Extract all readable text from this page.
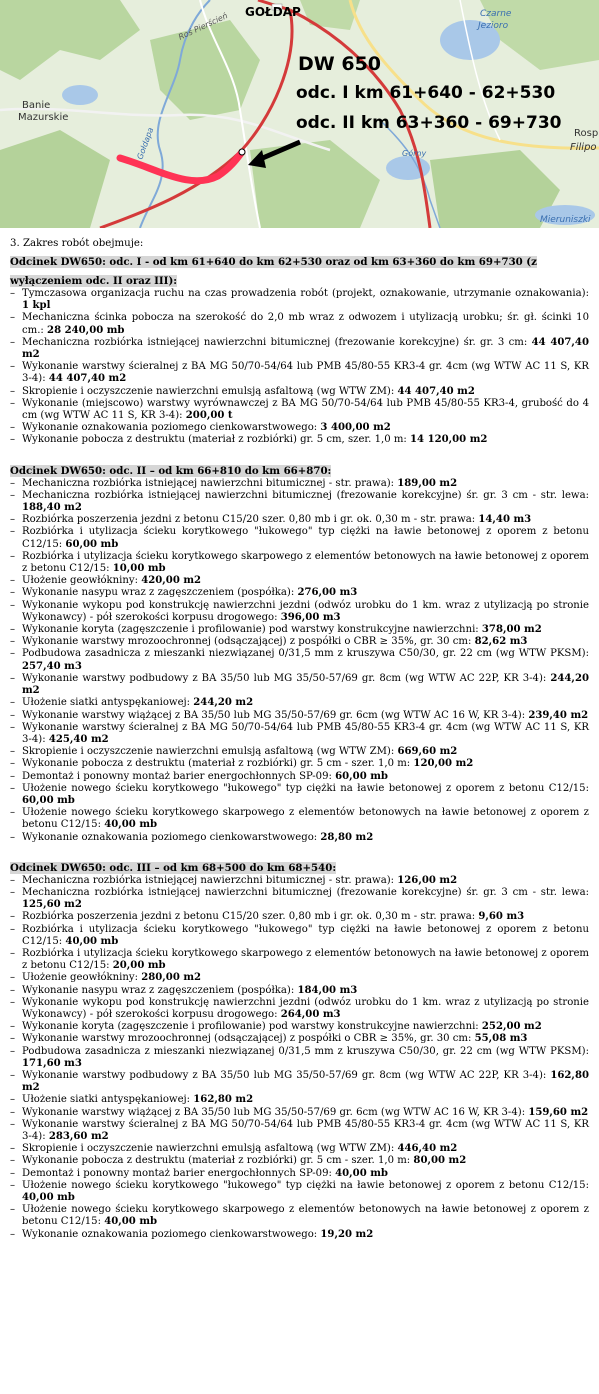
GOŁDAP	Czarne
Jezioro
Banie
Mazurskie
Roś Pierścień
Gołdapa	Górny
Rosp
Filipo
Mieruniszki
DW 650
odc. I km 61+640 - 62+530
odc. II km 63+360 - 69+730
3. Zakres robót obejmuje:
Odcinek DW650: odc. I - od km 61+640 do km 62+530 oraz od km 63+360 do km 69+730 (z wyłączeniem odc. II oraz III):
– Tymczasowa organizacja ruchu na czas prowadzenia robót (projekt, oznakowanie, utrzymanie oznakowania): 1 kpl
– Mechaniczna ścinka pobocza na szerokość do 2,0 mb wraz z odwozem i utylizacją urobku; śr. gł. ścinki 10 cm.: 28 240,00 mb
– Mechaniczna rozbiórka istniejącej nawierzchni bitumicznej (frezowanie korekcyjne) śr. gr. 3 cm: 44 407,40 m2
– Wykonanie warstwy ścieralnej z BA MG 50/70-54/64 lub PMB 45/80-55 KR3-4 gr. 4cm (wg WTW AC 11 S, KR 3-4): 44 407,40 m2
– Skropienie i oczyszczenie nawierzchni emulsją asfaltową (wg WTW ZM): 44 407,40 m2
– Wykonanie (miejscowo) warstwy wyrównawczej z BA MG 50/70-54/64 lub PMB 45/80-55 KR3-4, grubość do 4 cm (wg WTW AC 11 S, KR 3-4): 200,00 t
– Wykonanie oznakowania poziomego cienkowarstwowego: 3 400,00 m2
– Wykonanie pobocza z destruktu (materiał z rozbiórki) gr. 5 cm, szer. 1,0 m: 14 120,00 m2
Odcinek DW650: odc. II – od km 66+810 do km 66+870:
– Mechaniczna rozbiórka istniejącej nawierzchni bitumicznej - str. prawa): 189,00 m2
– Mechaniczna rozbiórka istniejącej nawierzchni bitumicznej (frezowanie korekcyjne) śr. gr. 3 cm - str. lewa: 188,40 m2
– Rozbiórka poszerzenia jezdni z betonu C15/20 szer. 0,80 mb i gr. ok. 0,30 m - str. prawa: 14,40 m3
– Rozbiórka i utylizacja ścieku korytkowego "łukowego" typ ciężki na ławie betonowej z oporem z betonu C12/15: 60,00 mb
– Rozbiórka i utylizacja ścieku korytkowego skarpowego z elementów betonowych na ławie betonowej z oporem z betonu C12/15: 10,00 mb
– Ułożenie geowłókniny: 420,00 m2
– Wykonanie nasypu wraz z zagęszczeniem (pospółka): 276,00 m3
– Wykonanie wykopu pod konstrukcję nawierzchni jezdni (odwóz urobku do 1 km. wraz z utylizacją po stronie Wykonawcy) - pół szerokości korpusu drogowego: 396,00 m3
– Wykonanie koryta (zagęszczenie i profilowanie) pod warstwy konstrukcyjne nawierzchni: 378,00 m2
– Wykonanie warstwy mrozoochronnej (odsączającej) z pospółki o CBR ≥ 35%, gr. 30 cm: 82,62 m3
– Podbudowa zasadnicza z mieszanki niezwiązanej 0/31,5 mm z kruszywa C50/30, gr. 22 cm (wg WTW PKSM): 257,40 m3
– Wykonanie warstwy podbudowy z BA 35/50 lub MG 35/50-57/69 gr. 8cm (wg WTW AC 22P, KR 3-4): 244,20 m2
– Ułożenie siatki antyspękaniowej: 244,20 m2
– Wykonanie warstwy wiążącej z BA 35/50 lub MG 35/50-57/69 gr. 6cm (wg WTW AC 16 W, KR 3-4): 239,40 m2
– Wykonanie warstwy ścieralnej z BA MG 50/70-54/64 lub PMB 45/80-55 KR3-4 gr. 4cm (wg WTW AC 11 S, KR 3-4): 425,40 m2
– Skropienie i oczyszczenie nawierzchni emulsją asfaltową (wg WTW ZM): 669,60 m2
– Wykonanie pobocza z destruktu (materiał z rozbiórki) gr. 5 cm - szer. 1,0 m: 120,00 m2
– Demontaż i ponowny montaż barier energochłonnych SP-09: 60,00 mb
– Ułożenie nowego ścieku korytkowego "łukowego" typ ciężki na ławie betonowej z oporem z betonu C12/15: 60,00 mb
– Ułożenie nowego ścieku korytkowego skarpowego z elementów betonowych na ławie betonowej z oporem z betonu C12/15: 40,00 mb
– Wykonanie oznakowania poziomego cienkowarstwowego: 28,80 m2
Odcinek DW650: odc. III – od km 68+500 do km 68+540:
– Mechaniczna rozbiórka istniejącej nawierzchni bitumicznej - str. prawa): 126,00 m2
– Mechaniczna rozbiórka istniejącej nawierzchni bitumicznej (frezowanie korekcyjne) śr. gr. 3 cm - str. lewa: 125,60 m2
– Rozbiórka poszerzenia jezdni z betonu C15/20 szer. 0,80 mb i gr. ok. 0,30 m - str. prawa: 9,60 m3
– Rozbiórka i utylizacja ścieku korytkowego "łukowego" typ ciężki na ławie betonowej z oporem z betonu C12/15: 40,00 mb
– Rozbiórka i utylizacja ścieku korytkowego skarpowego z elementów betonowych na ławie betonowej z oporem z betonu C12/15: 20,00 mb
– Ułożenie geowłókniny: 280,00 m2
– Wykonanie nasypu wraz z zagęszczeniem (pospółka): 184,00 m3
– Wykonanie wykopu pod konstrukcję nawierzchni jezdni (odwóz urobku do 1 km. wraz z utylizacją po stronie Wykonawcy) - pół szerokości korpusu drogowego: 264,00 m3
– Wykonanie koryta (zagęszczenie i profilowanie) pod warstwy konstrukcyjne nawierzchni: 252,00 m2
– Wykonanie warstwy mrozoochronnej (odsączającej) z pospółki o CBR ≥ 35%, gr. 30 cm: 55,08 m3
– Podbudowa zasadnicza z mieszanki niezwiązanej 0/31,5 mm z kruszywa C50/30, gr. 22 cm (wg WTW PKSM): 171,60 m3
– Wykonanie warstwy podbudowy z BA 35/50 lub MG 35/50-57/69 gr. 8cm (wg WTW AC 22P, KR 3-4): 162,80 m2
– Ułożenie siatki antyspękaniowej: 162,80 m2
– Wykonanie warstwy wiążącej z BA 35/50 lub MG 35/50-57/69 gr. 6cm (wg WTW AC 16 W, KR 3-4): 159,60 m2
– Wykonanie warstwy ścieralnej z BA MG 50/70-54/64 lub PMB 45/80-55 KR3-4 gr. 4cm (wg WTW AC 11 S, KR 3-4): 283,60 m2
– Skropienie i oczyszczenie nawierzchni emulsją asfaltową (wg WTW ZM): 446,40 m2
– Wykonanie pobocza z destruktu (materiał z rozbiórki) gr. 5 cm - szer. 1,0 m: 80,00 m2
– Demontaż i ponowny montaż barier energochłonnych SP-09: 40,00 mb
– Ułożenie nowego ścieku korytkowego "łukowego" typ ciężki na ławie betonowej z oporem z betonu C12/15: 40,00 mb
– Ułożenie nowego ścieku korytkowego skarpowego z elementów betonowych na ławie betonowej z oporem z betonu C12/15: 40,00 mb
– Wykonanie oznakowania poziomego cienkowarstwowego: 19,20 m2
